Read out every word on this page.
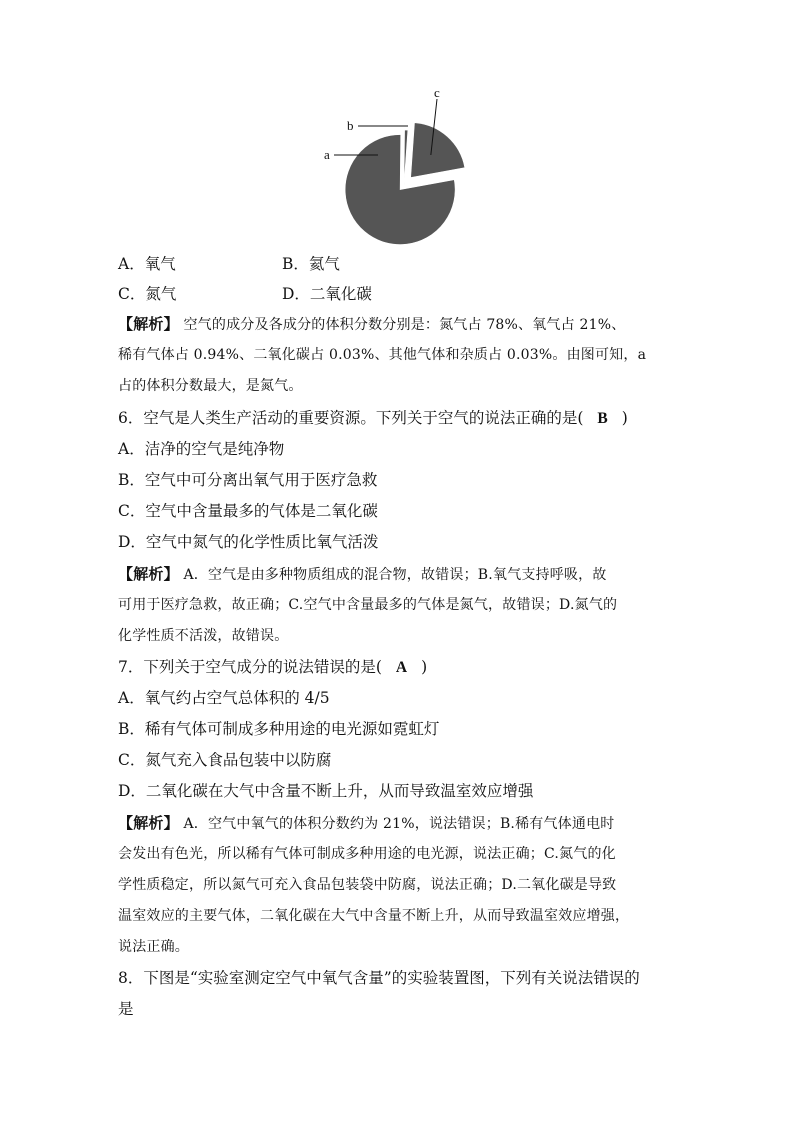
c
a
b
A．氧气	B．氦气
C．氮气	D．二氧化碳
【解析】 空气的成分及各成分的体积分数分别是：氮气占 78%、氧气占 21%、
稀有气体占 0.94%、二氧化碳占 0.03%、其他气体和杂质占 0.03%。由图可知，a
占的体积分数最大，是氮气。
6．空气是人类生产活动的重要资源。下列关于空气的说法正确的是( B )
A．洁净的空气是纯净物
B．空气中可分离出氧气用于医疗急救
C．空气中含量最多的气体是二氧化碳
D．空气中氮气的化学性质比氧气活泼
【解析】 A．空气是由多种物质组成的混合物，故错误；B.氧气支持呼吸，故
可用于医疗急救，故正确；C.空气中含量最多的气体是氮气，故错误；D.氮气的
化学性质不活泼，故错误。
7．下列关于空气成分的说法错误的是( A )
A．氧气约占空气总体积的 4/5
B．稀有气体可制成多种用途的电光源如霓虹灯
C．氮气充入食品包装中以防腐
D．二氧化碳在大气中含量不断上升，从而导致温室效应增强
【解析】 A．空气中氧气的体积分数约为 21%，说法错误；B.稀有气体通电时
会发出有色光，所以稀有气体可制成多种用途的电光源，说法正确；C.氮气的化
学性质稳定，所以氮气可充入食品包装袋中防腐，说法正确；D.二氧化碳是导致
温室效应的主要气体，二氧化碳在大气中含量不断上升，从而导致温室效应增强，
说法正确。
8．下图是“实验室测定空气中氧气含量”的实验装置图，下列有关说法错误的
是
